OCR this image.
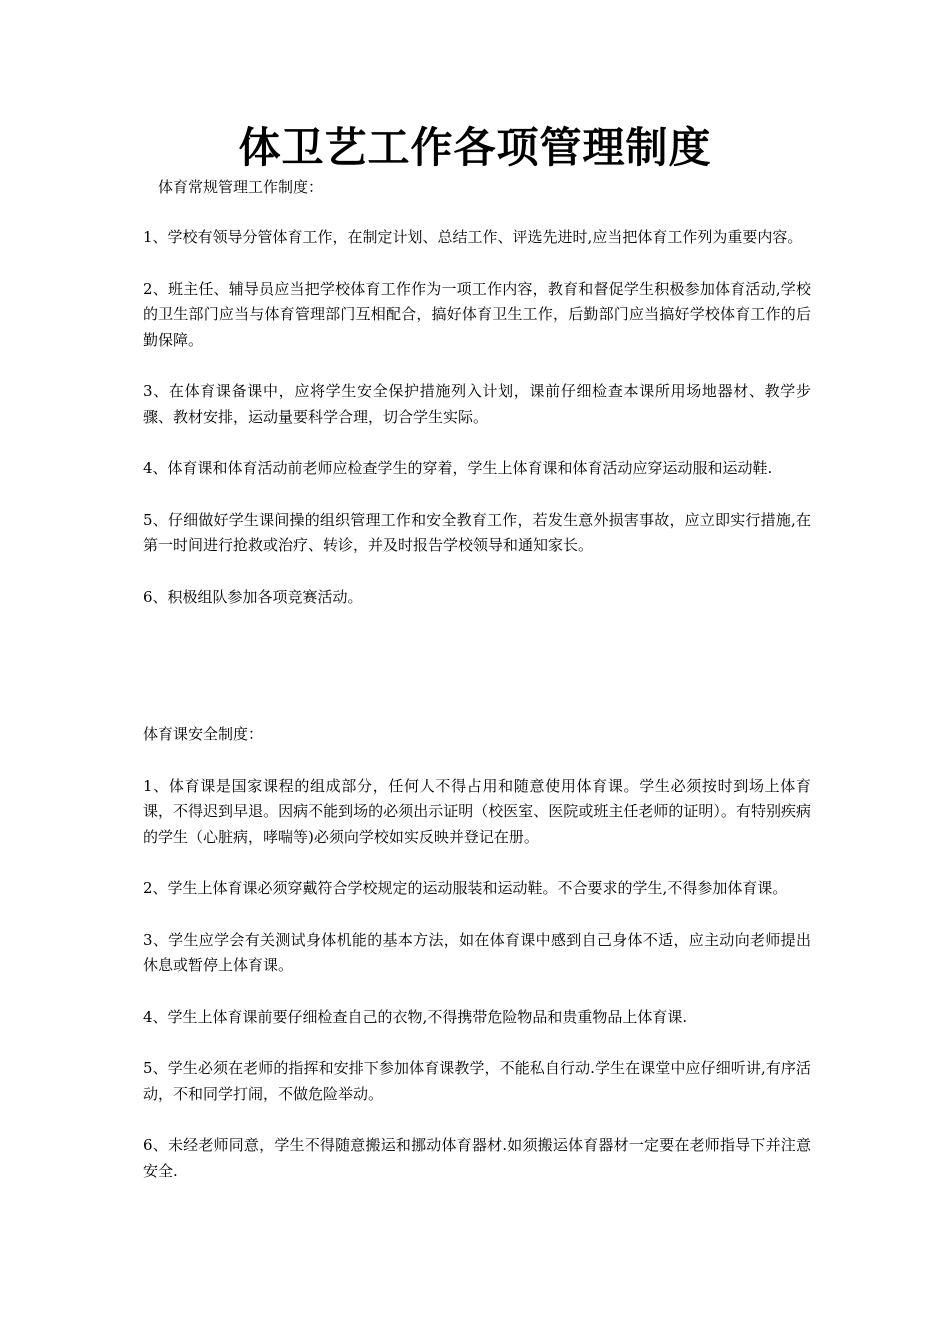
体卫艺工作各项管理制度

体育常规管理工作制度：

1、学校有领导分管体育工作，在制定计划、总结工作、评选先进时,应当把体育工作列为重要内容。

2、班主任、辅导员应当把学校体育工作作为一项工作内容，教育和督促学生积极参加体育活动,学校的卫生部门应当与体育管理部门互相配合，搞好体育卫生工作，后勤部门应当搞好学校体育工作的后勤保障。

3、在体育课备课中，应将学生安全保护措施列入计划，课前仔细检查本课所用场地器材、教学步骤、教材安排，运动量要科学合理，切合学生实际。

4、体育课和体育活动前老师应检查学生的穿着，学生上体育课和体育活动应穿运动服和运动鞋.

5、仔细做好学生课间操的组织管理工作和安全教育工作，若发生意外损害事故，应立即实行措施,在第一时间进行抢救或治疗、转诊，并及时报告学校领导和通知家长。

6、积极组队参加各项竞赛活动。

体育课安全制度：

1、体育课是国家课程的组成部分，任何人不得占用和随意使用体育课。学生必须按时到场上体育课，不得迟到早退。因病不能到场的必须出示证明（校医室、医院或班主任老师的证明）。有特别疾病的学生（心脏病，哮喘等)必须向学校如实反映并登记在册。

2、学生上体育课必须穿戴符合学校规定的运动服装和运动鞋。不合要求的学生,不得参加体育课。

3、学生应学会有关测试身体机能的基本方法，如在体育课中感到自己身体不适，应主动向老师提出休息或暂停上体育课。

4、学生上体育课前要仔细检查自己的衣物,不得携带危险物品和贵重物品上体育课.

5、学生必须在老师的指挥和安排下参加体育课教学，不能私自行动.学生在课堂中应仔细听讲,有序活动，不和同学打闹，不做危险举动。

6、未经老师同意，学生不得随意搬运和挪动体育器材.如须搬运体育器材一定要在老师指导下并注意安全.
